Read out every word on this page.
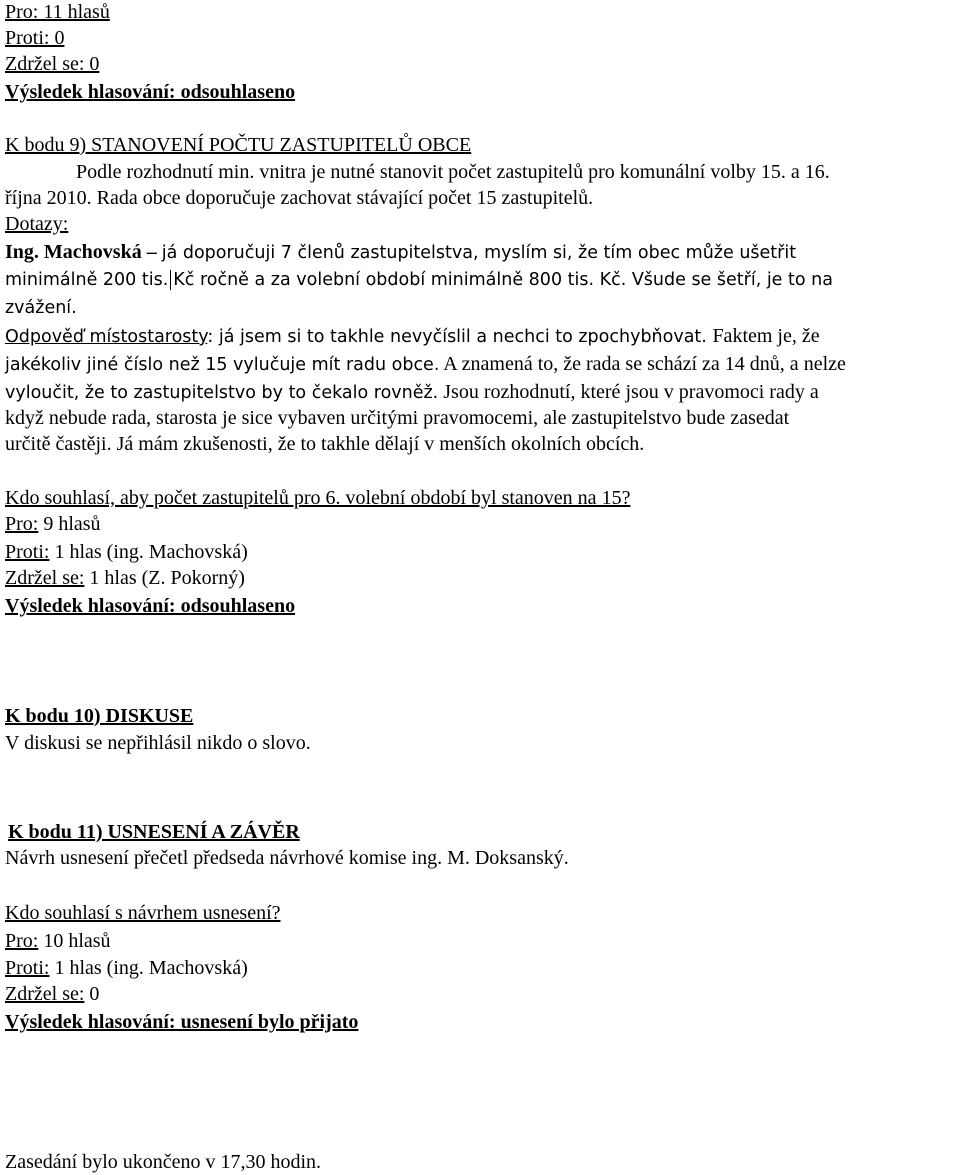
Pro: 11 hlasů
Proti: 0
Zdržel se: 0
Výsledek hlasování: odsouhlaseno
K bodu 9) STANOVENÍ POČTU ZASTUPITELŮ OBCE
Podle rozhodnutí min. vnitra je nutné stanovit počet zastupitelů pro komunální volby 15. a 16.
října 2010. Rada obce doporučuje zachovat stávající počet 15 zastupitelů.
Dotazy:
Ing. Machovská – já doporučuji 7 členů zastupitelstva, myslím si, že tím obec může ušetřit
minimálně 200 tis. Kč ročně a za volební období minimálně 800 tis. Kč. Všude se šetří, je to na
zvážení.
Odpověď místostarosty: já jsem si to takhle nevyčíslil a nechci to zpochybňovat. Faktem je, že
jakékoliv jiné číslo než 15 vylučuje mít radu obce. A znamená to, že rada se schází za 14 dnů, a nelze
vyloučit, že to zastupitelstvo by to čekalo rovněž. Jsou rozhodnutí, které jsou v pravomoci rady a
když nebude rada, starosta je sice vybaven určitými pravomocemi, ale zastupitelstvo bude zasedat
určitě častěji. Já mám zkušenosti, že to takhle dělají v menších okolních obcích.
Kdo souhlasí, aby počet zastupitelů pro 6. volební období byl stanoven na 15?
Pro: 9 hlasů
Proti: 1 hlas (ing. Machovská)
Zdržel se: 1 hlas (Z. Pokorný)
Výsledek hlasování: odsouhlaseno
K bodu 10) DISKUSE
V diskusi se nepřihlásil nikdo o slovo.
K bodu 11) USNESENÍ A ZÁVĚR
Návrh usnesení přečetl předseda návrhové komise ing. M. Doksanský.
Kdo souhlasí s návrhem usnesení?
Pro: 10 hlasů
Proti: 1 hlas (ing. Machovská)
Zdržel se: 0
Výsledek hlasování: usnesení bylo přijato
Zasedání bylo ukončeno v 17,30 hodin.
